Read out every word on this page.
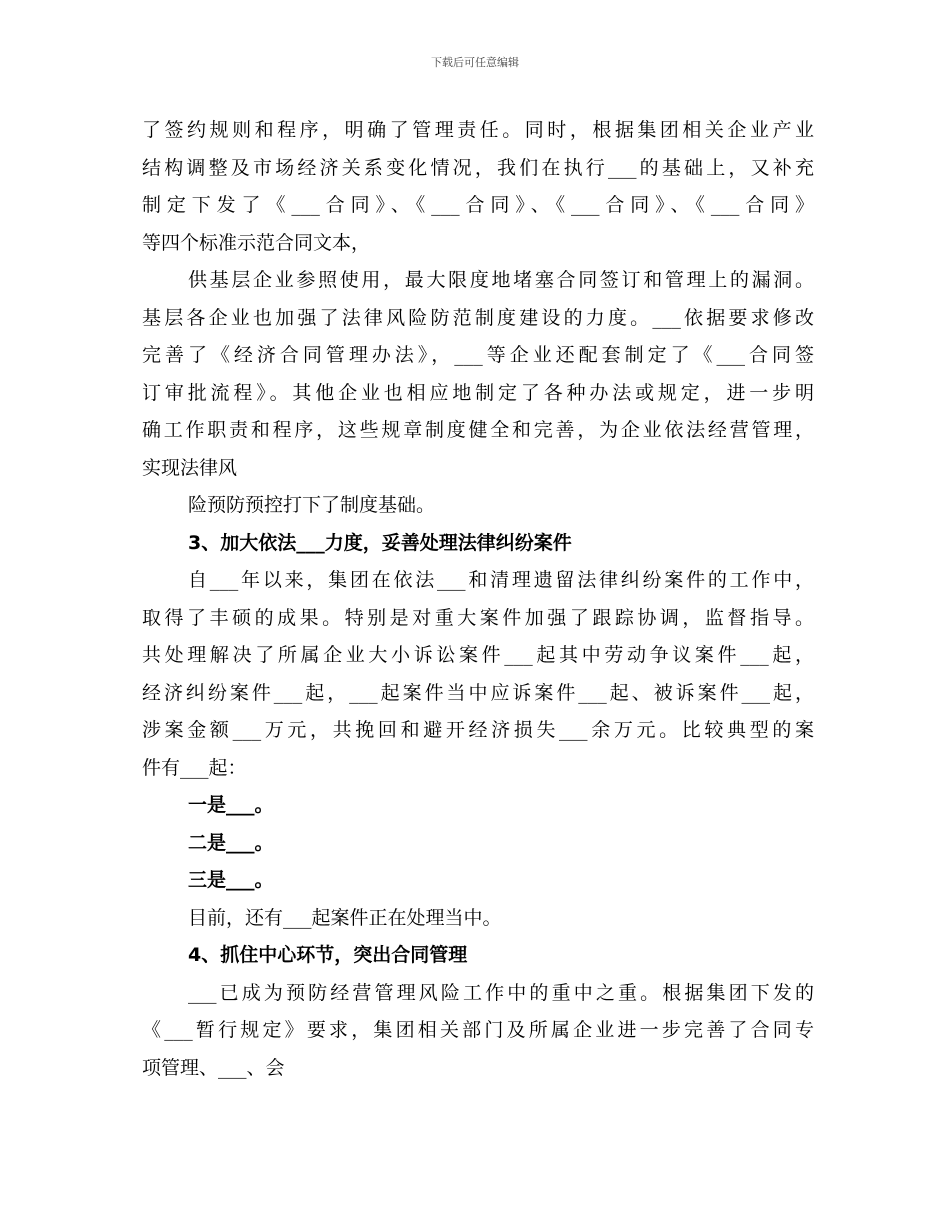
下载后可任意编辑
了签约规则和程序，明确了管理责任。同时，根据集团相关企业产业
结构调整及市场经济关系变化情况，我们在执行___的基础上，又补充
制定下发了《___合同》、《___合同》、《___合同》、《___合同》
等四个标准示范合同文本，
供基层企业参照使用，最大限度地堵塞合同签订和管理上的漏洞。
基层各企业也加强了法律风险防范制度建设的力度。___依据要求修改
完善了《经济合同管理办法》，___等企业还配套制定了《___合同签
订审批流程》。其他企业也相应地制定了各种办法或规定，进一步明
确工作职责和程序，这些规章制度健全和完善，为企业依法经营管理，
实现法律风
险预防预控打下了制度基础。
3、加大依法___力度，妥善处理法律纠纷案件
自___年以来，集团在依法___和清理遗留法律纠纷案件的工作中，
取得了丰硕的成果。特别是对重大案件加强了跟踪协调，监督指导。
共处理解决了所属企业大小诉讼案件___起其中劳动争议案件___起，
经济纠纷案件___起，___起案件当中应诉案件___起、被诉案件___起，
涉案金额___万元，共挽回和避开经济损失___余万元。比较典型的案
件有___起：
一是___。
二是___。
三是___。
目前，还有___起案件正在处理当中。
4、抓住中心环节，突出合同管理
___已成为预防经营管理风险工作中的重中之重。根据集团下发的
《___暂行规定》要求，集团相关部门及所属企业进一步完善了合同专
项管理、___、会
